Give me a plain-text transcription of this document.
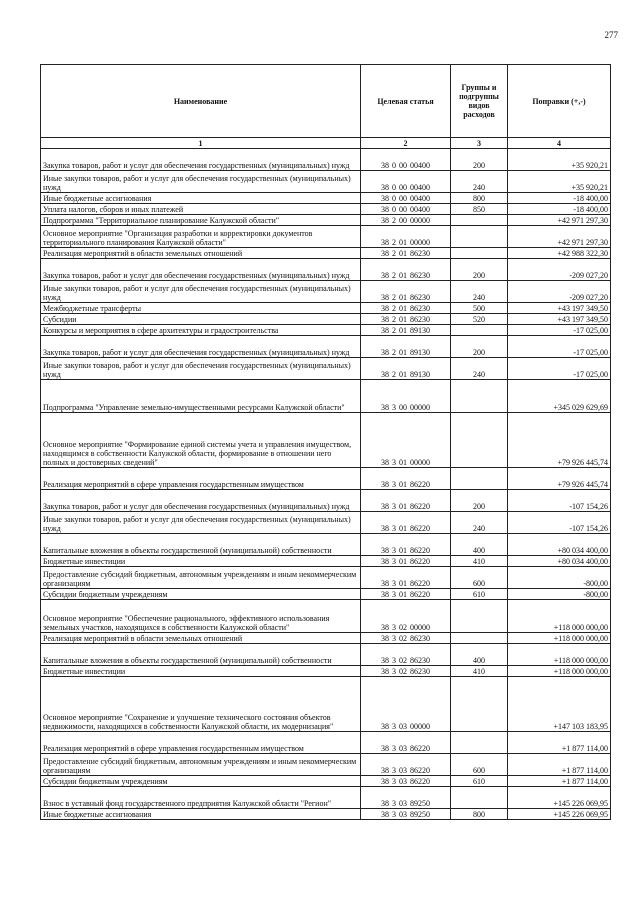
277
Наименование	Целевая статья	Группы и подгруппы видов расходов	Поправки (+,-)
1	2	3	4
Закупка товаров, работ и услуг для обеспечения государственных (муниципальных) нужд	38 0 00 00400	200	+35 920,21
Иные закупки товаров, работ и услуг для обеспечения государственных (муниципальных) нужд	38 0 00 00400	240	+35 920,21
Иные бюджетные ассигнования	38 0 00 00400	800	-18 400,00
Уплата налогов, сборов и иных платежей	38 0 00 00400	850	-18 400,00
Подпрограмма "Территориальное планирование Калужской области"	38 2 00 00000		+42 971 297,30
Основное мероприятие "Организация разработки и корректировки документов территориального планирования Калужской области"	38 2 01 00000		+42 971 297,30
Реализация мероприятий в области земельных отношений	38 2 01 86230		+42 988 322,30
Закупка товаров, работ и услуг для обеспечения государственных (муниципальных) нужд	38 2 01 86230	200	-209 027,20
Иные закупки товаров, работ и услуг для обеспечения государственных (муниципальных) нужд	38 2 01 86230	240	-209 027,20
Межбюджетные трансферты	38 2 01 86230	500	+43 197 349,50
Субсидии	38 2 01 86230	520	+43 197 349,50
Конкурсы и мероприятия в сфере архитектуры и градостроительства	38 2 01 89130		-17 025,00
Закупка товаров, работ и услуг для обеспечения государственных (муниципальных) нужд	38 2 01 89130	200	-17 025,00
Иные закупки товаров, работ и услуг для обеспечения государственных (муниципальных) нужд	38 2 01 89130	240	-17 025,00
Подпрограмма "Управление земельно-имущественными ресурсами Калужской области"	38 3 00 00000		+345 029 629,69
Основное мероприятие "Формирование единой системы учета и управления имуществом, находящимся в собственности Калужской области, формирование в отношении него полных и достоверных сведений"	38 3 01 00000		+79 926 445,74
Реализация мероприятий в сфере управления государственным имуществом	38 3 01 86220		+79 926 445,74
Закупка товаров, работ и услуг для обеспечения государственных (муниципальных) нужд	38 3 01 86220	200	-107 154,26
Иные закупки товаров, работ и услуг для обеспечения государственных (муниципальных) нужд	38 3 01 86220	240	-107 154,26
Капитальные вложения в объекты государственной (муниципальной) собственности	38 3 01 86220	400	+80 034 400,00
Бюджетные инвестиции	38 3 01 86220	410	+80 034 400,00
Предоставление субсидий бюджетным, автономным учреждениям и иным некоммерческим организациям	38 3 01 86220	600	-800,00
Субсидии бюджетным учреждениям	38 3 01 86220	610	-800,00
Основное мероприятие "Обеспечение рационального, эффективного использования земельных участков, находящихся в собственности Калужской области"	38 3 02 00000		+118 000 000,00
Реализация мероприятий в области земельных отношений	38 3 02 86230		+118 000 000,00
Капитальные вложения в объекты государственной (муниципальной) собственности	38 3 02 86230	400	+118 000 000,00
Бюджетные инвестиции	38 3 02 86230	410	+118 000 000,00
Основное мероприятие "Сохранение и улучшение технического состояния объектов недвижимости, находящихся в собственности Калужской области, их модернизация"	38 3 03 00000		+147 103 183,95
Реализация мероприятий в сфере управления государственным имуществом	38 3 03 86220		+1 877 114,00
Предоставление субсидий бюджетным, автономным учреждениям и иным некоммерческим организациям	38 3 03 86220	600	+1 877 114,00
Субсидии бюджетным учреждениям	38 3 03 86220	610	+1 877 114,00
Взнос в уставный фонд государственного предприятия Калужской области "Регион"	38 3 03 89250		+145 226 069,95
Иные бюджетные ассигнования	38 3 03 89250	800	+145 226 069,95
